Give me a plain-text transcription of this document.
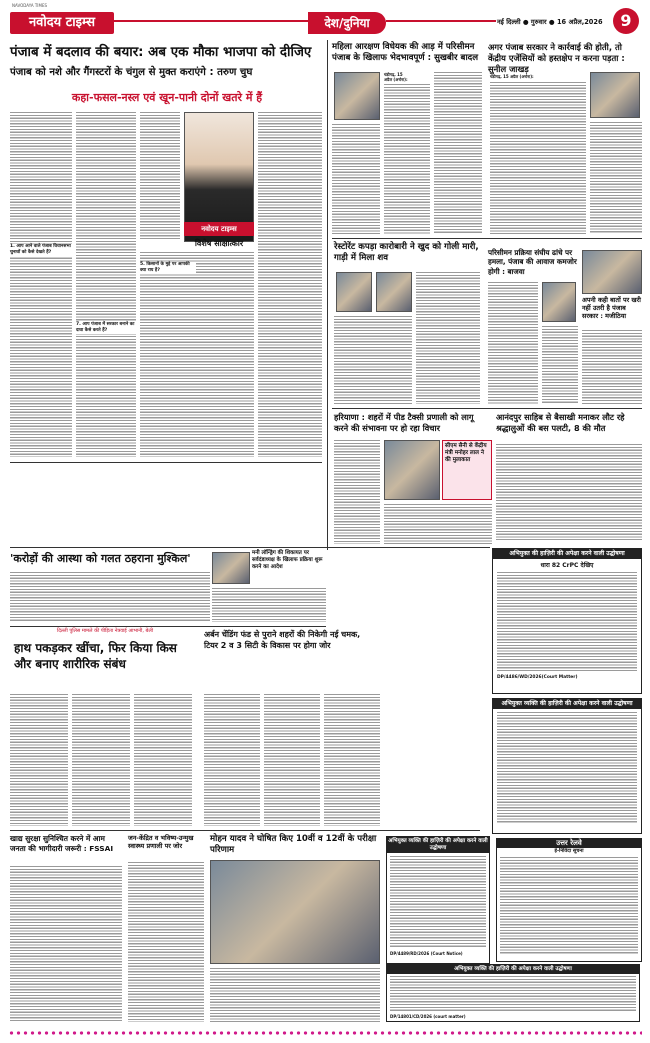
NAVODAYA TIMES
नवोदय टाइम्स	देश/दुनिया	नई दिल्ली ● गुरुवार ● 16 अप्रैल,2026	9
पंजाब में बदलाव की बयार: अब एक मौका भाजपा को दीजिए
पंजाब को नशे और गैंगस्टरों के चंगुल से मुक्त कराएंगे : तरुण चुघ
कहा-फसल-नस्ल एवं खून-पानी दोनों खतरे में हैं
1. आप आने वाले पंजाब विधानसभा चुनावों को कैसे देखते हैं?
7. आप पंजाब में सरकार बनाने का दावा कैसे करते हैं?
नवोदय टाइम्स
विशेष साक्षात्कार
5. किसानों के मुद्दे पर आपकी क्या राय है?
महिला आरक्षण विधेयक की आड़ में परिसीमन पंजाब के खिलाफ भेदभावपूर्ण : सुखबीर बादल
चंडीगढ़, 15 अप्रैल (अर्चना):
अगर पंजाब सरकार ने कार्रवाई की होती, तो केंद्रीय एजेंसियों को हस्तक्षेप न करना पड़ता : सुनील जाखड़
चंडीगढ़, 15 अप्रैल (अर्चना):
रेस्टोरेंट कपड़ा कारोबारी ने खुद को गोली मारी, गाड़ी में मिला शव
परिसीमन प्रक्रिया संघीय ढांचे पर हमला, पंजाब की आवाज कमजोर होगी : बाजवा
अपनी कही बातों पर खरी नहीं उतरी है पंजाब सरकार : मजीठिया
हरियाणा : शहरों में पीड टैक्सी प्रणाली को लागू करने की संभावना पर हो रहा विचार
सीएम सैनी से केंद्रीय मंत्री मनोहर लाल ने की मुलाकात
आनंदपुर साहिब से बैसाखी मनाकर लौट रहे श्रद्धालुओं की बस पलटी, 8 की मौत
'करोड़ों की आस्था को गलत ठहराना मुश्किल'	मनी लॉन्ड्रिंग की शिकायत पर सर्वदंडाध्यक्ष के खिलाफ प्रक्रिया शुरू करने का आदेश
दिल्ली पुलिस मामले की पीड़िता नेत्रवाई आभानी, बेली
हाथ पकड़कर खींचा, फिर किया किस और बनाए शारीरिक संबंध
अर्बन चेंडिंग फंड से पुराने शहरों की निकेगी नई चमक, टियर 2 व 3 सिटी के विकास पर होगा जोर
खाद्य सुरक्षा सुनिश्चित करने में आम जनता की भागीदारी जरूरी : FSSAI
जन-केंद्रित व भविष्य-उन्मुख स्वास्थ्य प्रणाली पर जोर
मोहन यादव ने घोषित किए 10वीं व 12वीं के परीक्षा परिणाम
अभियुक्त की हाज़िरी की अपेक्षा करने वाली उद्घोषणा
धारा 82 CrPC देखिए
DP/4486/WD/2026(Court Matter)
अभियुक्त व्यक्ति की हाज़िरी की अपेक्षा करने वाली उद्घोषणा
DP/4489/RD/2026 (Court Notice)
अभियुक्त व्यक्ति की हाज़िरी की अपेक्षा करने वाली उद्घोषणा
DP/14801/CD/2026 (court matter)
अभियुक्त व्यक्ति की हाज़िरी की अपेक्षा करने वाली उद्घोषणा
उत्तर रेलवे
ई-निविदा सूचना
